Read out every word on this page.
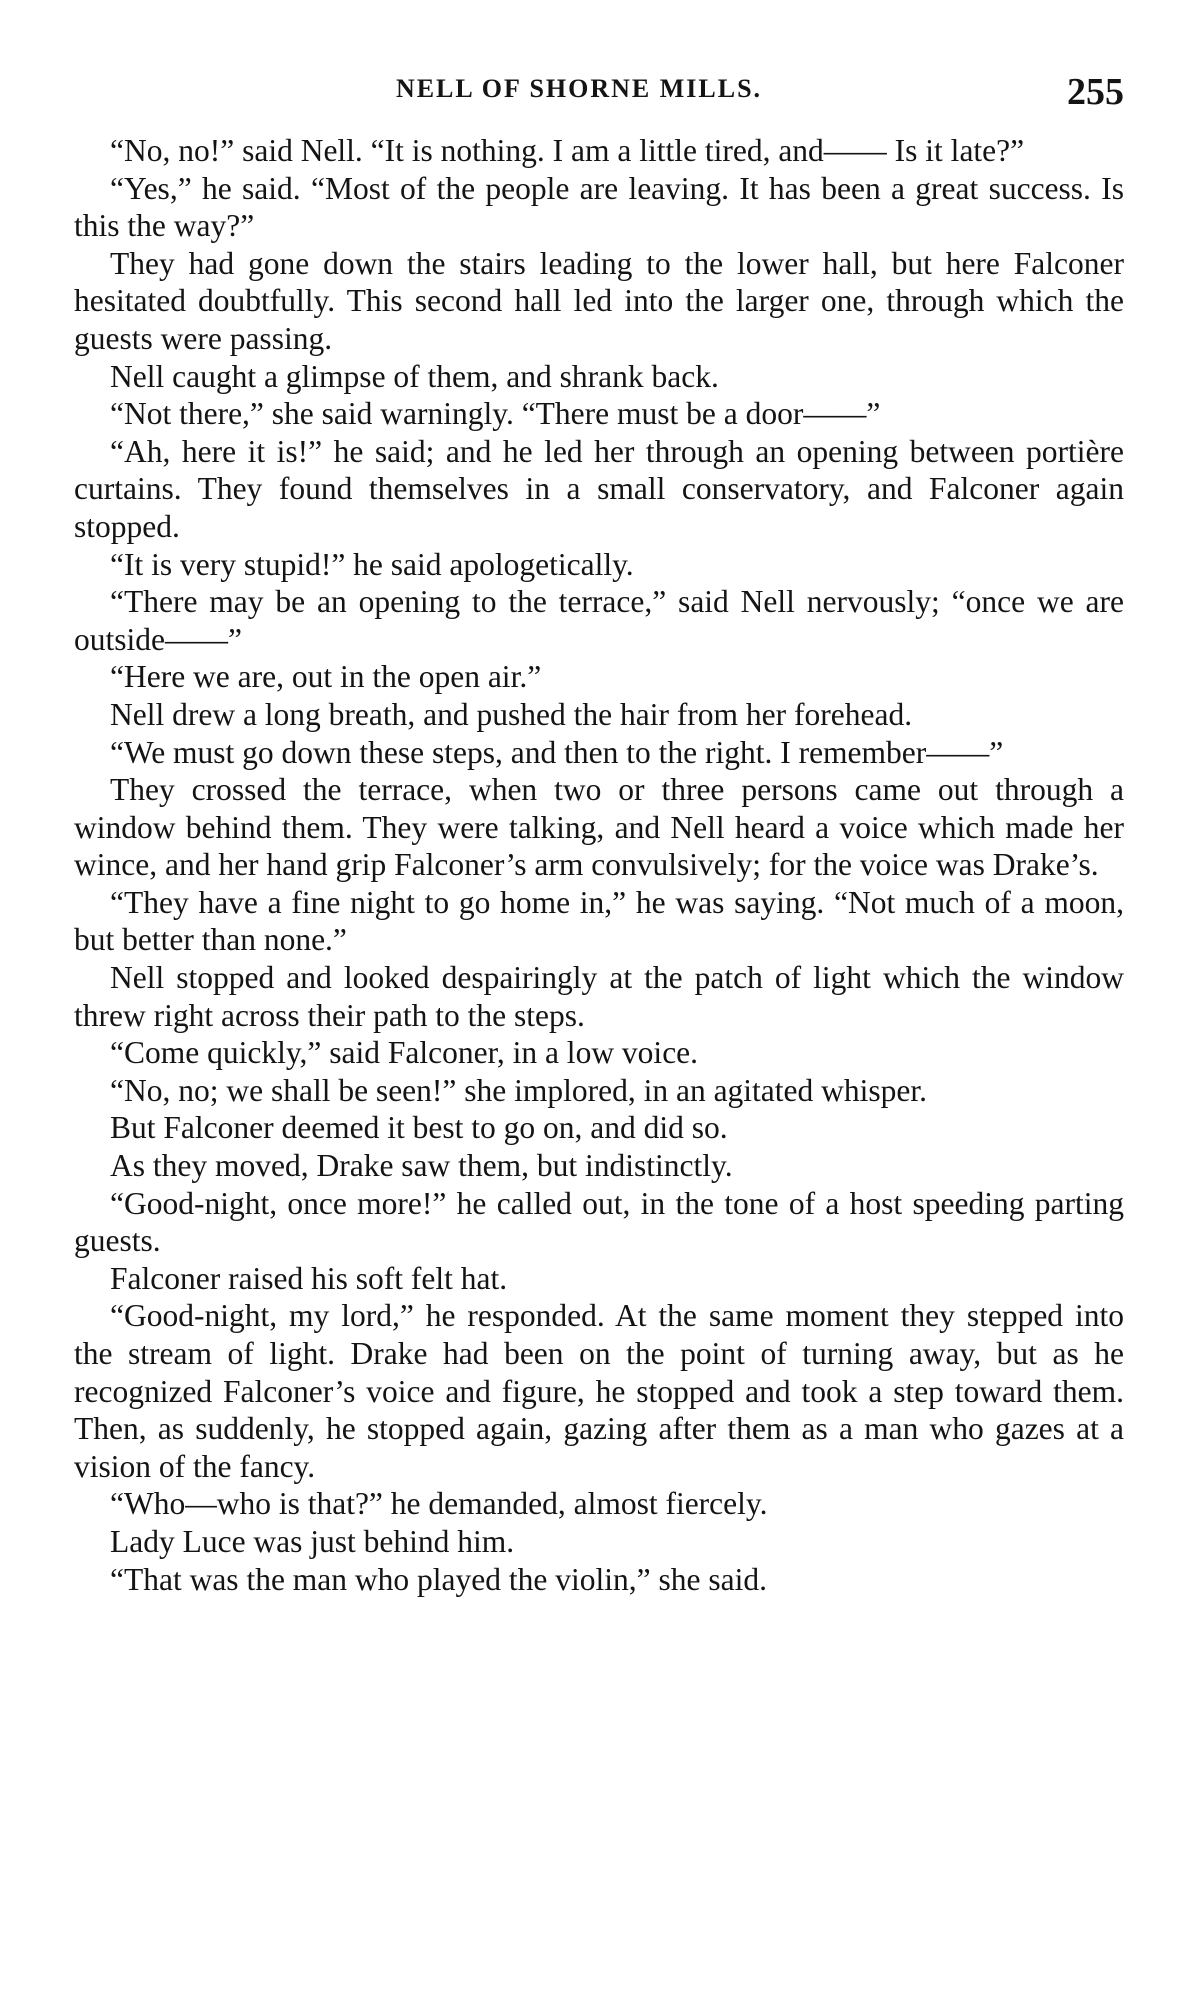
NELL OF SHORNE MILLS.	255

“No, no!” said Nell. “It is nothing. I am a little tired, and—— Is it late?”

“Yes,” he said. “Most of the people are leaving. It has been a great success. Is this the way?”

They had gone down the stairs leading to the lower hall, but here Falconer hesitated doubtfully. This second hall led into the larger one, through which the guests were passing.

Nell caught a glimpse of them, and shrank back.

“Not there,” she said warningly. “There must be a door——”

“Ah, here it is!” he said; and he led her through an opening between portière curtains. They found themselves in a small conservatory, and Falconer again stopped.

“It is very stupid!” he said apologetically.

“There may be an opening to the terrace,” said Nell nervously; “once we are outside——”

“Here we are, out in the open air.”

Nell drew a long breath, and pushed the hair from her forehead.

“We must go down these steps, and then to the right. I remember——”

They crossed the terrace, when two or three persons came out through a window behind them. They were talking, and Nell heard a voice which made her wince, and her hand grip Falconer’s arm convulsively; for the voice was Drake’s.

“They have a fine night to go home in,” he was saying. “Not much of a moon, but better than none.”

Nell stopped and looked despairingly at the patch of light which the window threw right across their path to the steps.

“Come quickly,” said Falconer, in a low voice.

“No, no; we shall be seen!” she implored, in an agitated whisper.

But Falconer deemed it best to go on, and did so.

As they moved, Drake saw them, but indistinctly.

“Good-night, once more!” he called out, in the tone of a host speeding parting guests.

Falconer raised his soft felt hat.

“Good-night, my lord,” he responded. At the same moment they stepped into the stream of light. Drake had been on the point of turning away, but as he recognized Falconer’s voice and figure, he stopped and took a step toward them. Then, as suddenly, he stopped again, gazing after them as a man who gazes at a vision of the fancy.

“Who—who is that?” he demanded, almost fiercely.

Lady Luce was just behind him.

“That was the man who played the violin,” she said.
